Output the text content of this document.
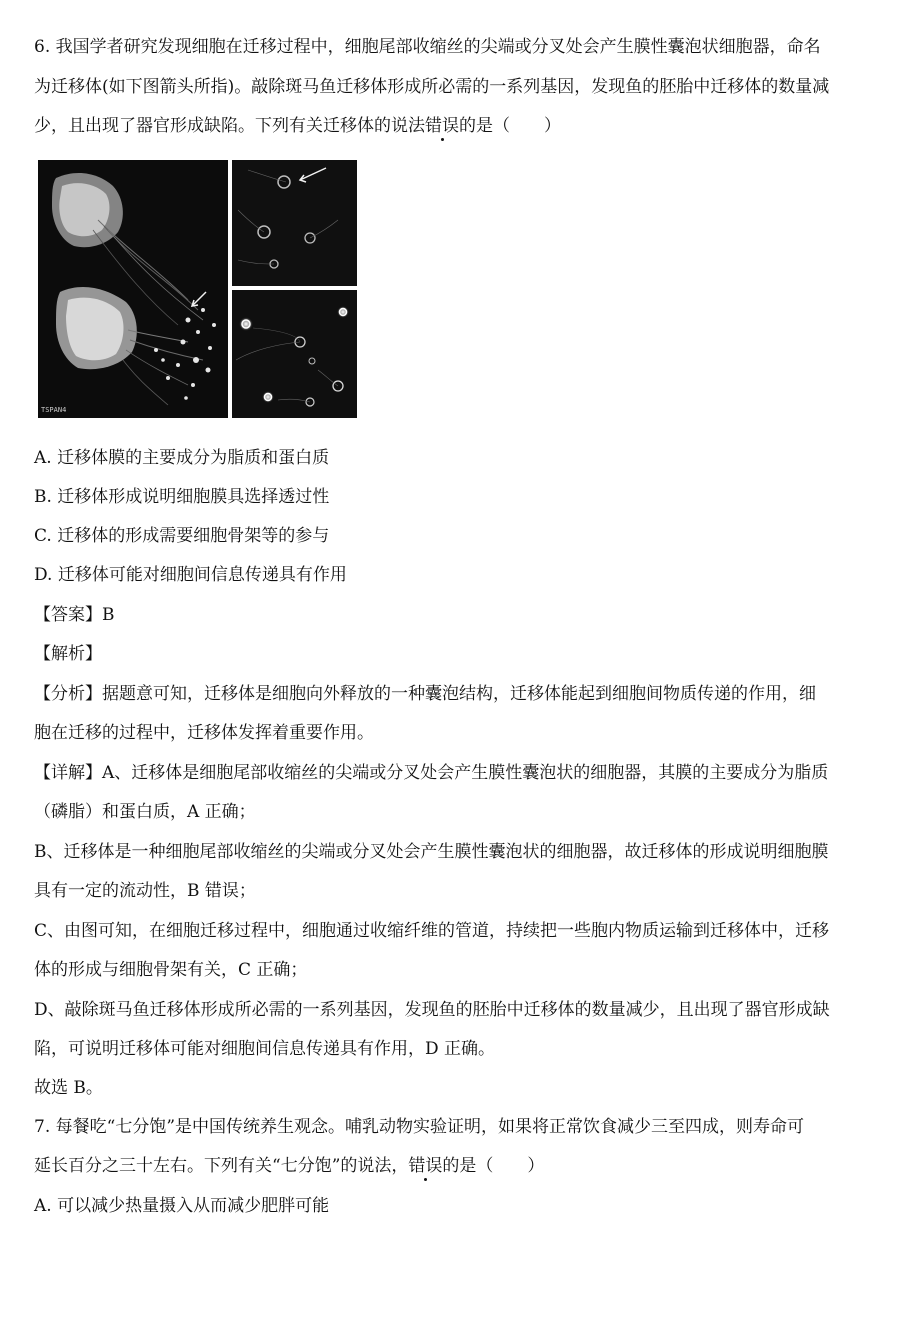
6. 我国学者研究发现细胞在迁移过程中，细胞尾部收缩丝的尖端或分叉处会产生膜性囊泡状细胞器，命名
为迁移体(如下图箭头所指)。敲除斑马鱼迁移体形成所必需的一系列基因，发现鱼的胚胎中迁移体的数量减
少，且出现了器官形成缺陷。下列有关迁移体的说法错误的是（　　）
TSPAN4
A. 迁移体膜的主要成分为脂质和蛋白质
B. 迁移体形成说明细胞膜具选择透过性
C. 迁移体的形成需要细胞骨架等的参与
D. 迁移体可能对细胞间信息传递具有作用
【答案】B
【解析】
【分析】据题意可知，迁移体是细胞向外释放的一种囊泡结构，迁移体能起到细胞间物质传递的作用，细
胞在迁移的过程中，迁移体发挥着重要作用。
【详解】A、迁移体是细胞尾部收缩丝的尖端或分叉处会产生膜性囊泡状的细胞器，其膜的主要成分为脂质
（磷脂）和蛋白质，A 正确；
B、迁移体是一种细胞尾部收缩丝的尖端或分叉处会产生膜性囊泡状的细胞器，故迁移体的形成说明细胞膜
具有一定的流动性，B 错误；
C、由图可知，在细胞迁移过程中，细胞通过收缩纤维的管道，持续把一些胞内物质运输到迁移体中，迁移
体的形成与细胞骨架有关，C 正确；
D、敲除斑马鱼迁移体形成所必需的一系列基因，发现鱼的胚胎中迁移体的数量减少，且出现了器官形成缺
陷，可说明迁移体可能对细胞间信息传递具有作用，D 正确。
故选 B。
7. 每餐吃“七分饱”是中国传统养生观念。哺乳动物实验证明，如果将正常饮食减少三至四成，则寿命可
延长百分之三十左右。下列有关“七分饱”的说法，错误的是（　　）
A. 可以减少热量摄入从而减少肥胖可能
